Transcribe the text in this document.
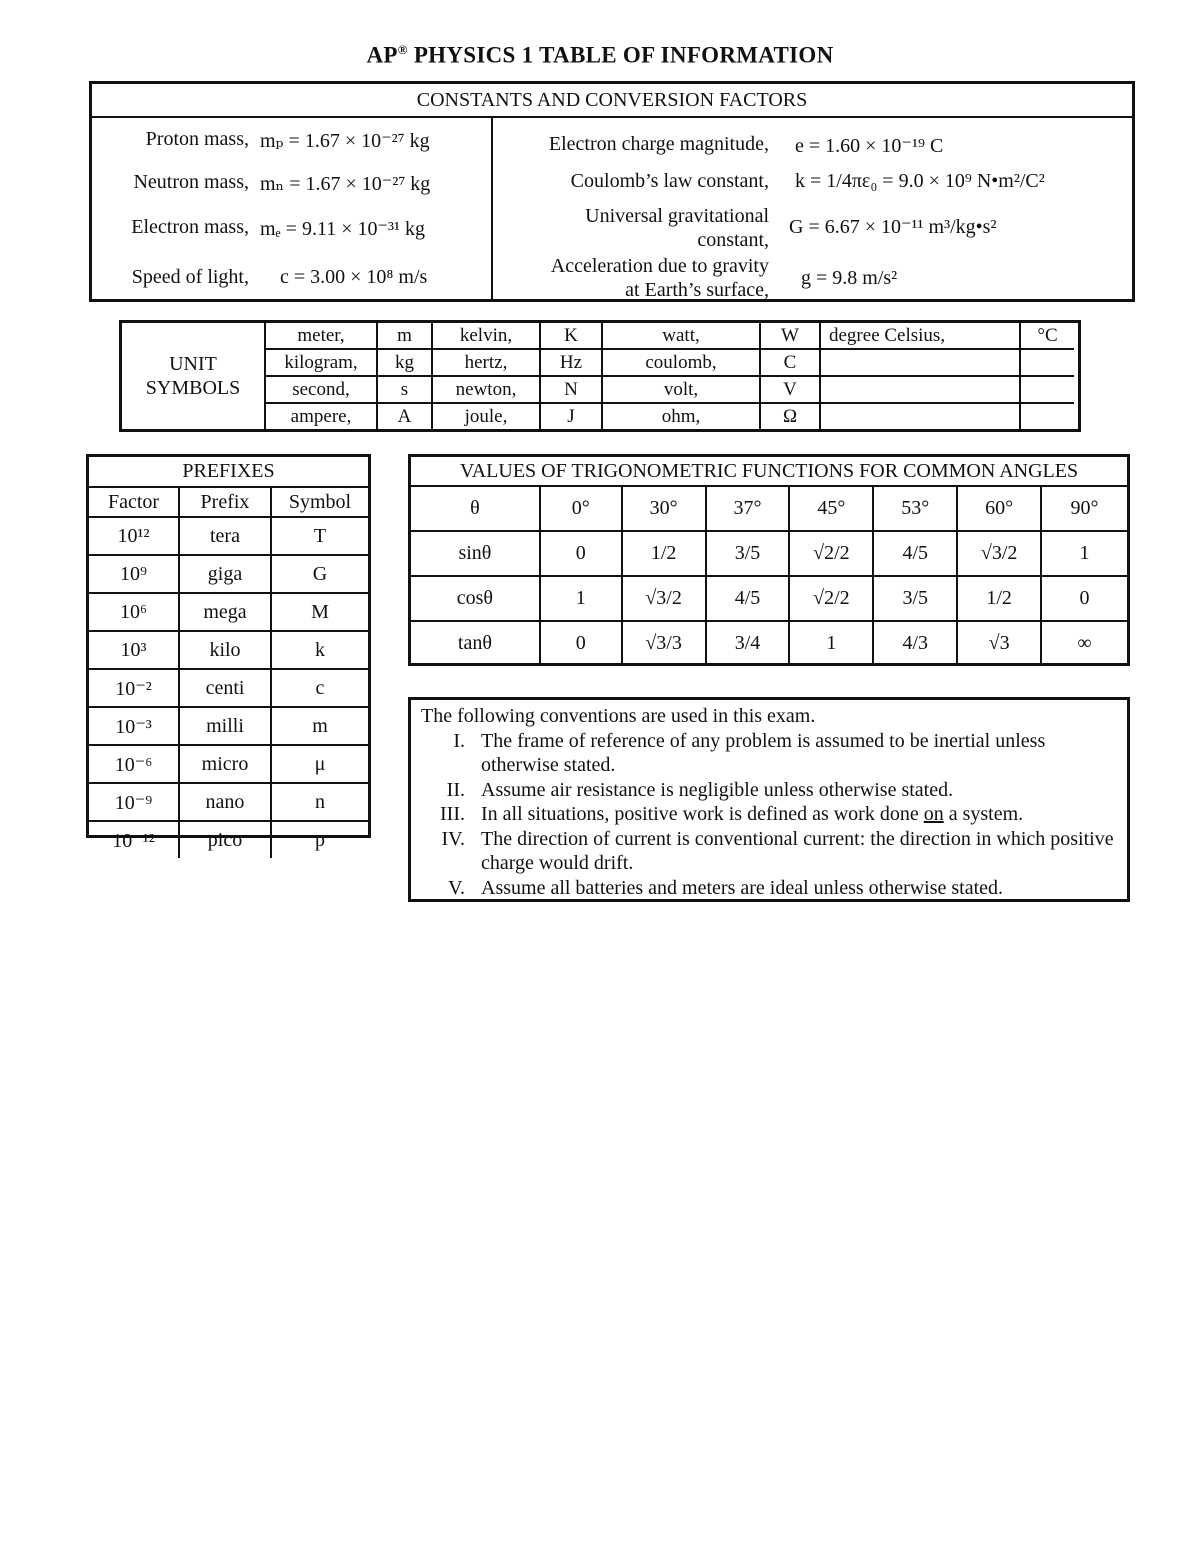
AP® PHYSICS 1 TABLE OF INFORMATION
CONSTANTS AND CONVERSION FACTORS
Proton mass, mₚ = 1.67 × 10⁻²⁷ kg
Neutron mass, mₙ = 1.67 × 10⁻²⁷ kg
Electron mass, mₑ = 9.11 × 10⁻³¹ kg
Speed of light, c = 3.00 × 10⁸ m/s
Electron charge magnitude, e = 1.60 × 10⁻¹⁹ C
Coulomb’s law constant, k = 1/4πε₀ = 9.0 × 10⁹ N•m²/C²
Universal gravitational
constant,
G = 6.67 × 10⁻¹¹ m³/kg•s²
Acceleration due to gravity
at Earth’s surface,
g = 9.8 m/s²
UNIT
SYMBOLS
meter,	m	kelvin,	K	watt,	W	degree Celsius,	°C
kilogram,	kg	hertz,	Hz	coulomb,	C		
second,	s	newton,	N	volt,	V		
ampere,	A	joule,	J	ohm,	Ω		
PREFIXES		
Factor	Prefix	Symbol
10¹²	tera	T
10⁹	giga	G
10⁶	mega	M
10³	kilo	k
10⁻²	centi	c
10⁻³	milli	m
10⁻⁶	micro	μ
10⁻⁹	nano	n
10⁻¹²	pico	p
VALUES OF TRIGONOMETRIC FUNCTIONS FOR COMMON ANGLES							
θ	0°	30°	37°	45°	53°	60°	90°
sinθ	0	1/2	3/5	√2/2	4/5	√3/2	1
cosθ	1	√3/2	4/5	√2/2	3/5	1/2	0
tanθ	0	√3/3	3/4	1	4/3	√3	∞
The following conventions are used in this exam.
I. The frame of reference of any problem is assumed to be inertial unless otherwise stated.
II. Assume air resistance is negligible unless otherwise stated.
III. In all situations, positive work is defined as work done on a system.
IV. The direction of current is conventional current: the direction in which positive charge would drift.
V. Assume all batteries and meters are ideal unless otherwise stated.
